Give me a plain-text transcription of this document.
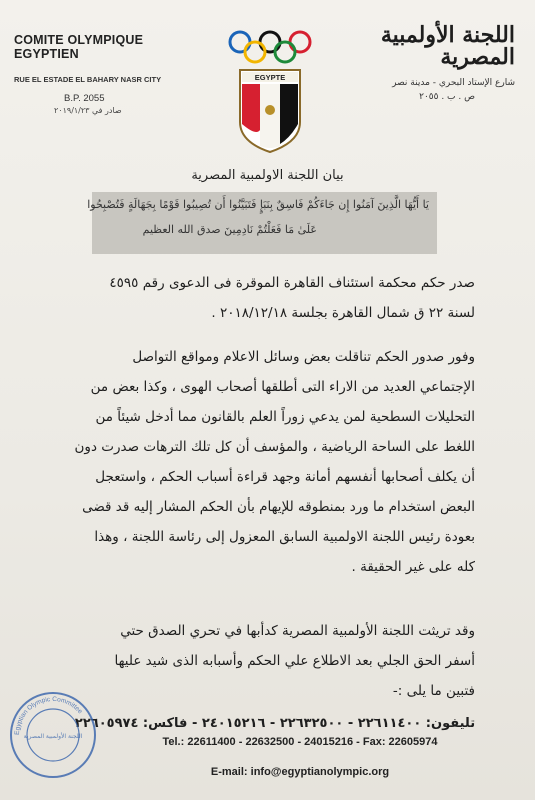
COMITE OLYMPIQUE EGYPTIEN
RUE EL ESTADE EL BAHARY NASR CITY
B.P. 2055
صادر في ٢٠١٩/١/٢٣
EGYPTE
اللجنة الأولمبية المصرية
شارع الإستاد البحري - مدينة نصر
ص . ب . ٢٠٥٥
بيان اللجنة الاولمبية المصرية
يَا أَيُّهَا الَّذِينَ آمَنُوا إِن جَاءَكُمْ فَاسِقٌ بِنَبَإٍ فَتَبَيَّنُوا أَن تُصِيبُوا قَوْمًا بِجَهَالَةٍ فَتُصْبِحُوا
عَلَىٰ مَا فَعَلْتُمْ نَادِمِينَ صدق الله العظيم
صدر حكم محكمة استئناف القاهرة الموقرة فى الدعوى رقم ٤٥٩٥
لسنة ٢٢ ق شمال القاهرة بجلسة ٢٠١٨/١٢/١٨ .
وفور صدور الحكم تناقلت بعض وسائل الاعلام ومواقع التواصل
الإجتماعي العديد من الاراء التى أطلقها أصحاب الهوى ، وكذا بعض من
التحليلات السطحية لمن يدعي زوراً العلم بالقانون مما أدخل شيئاً من
اللغط على الساحة الرياضية ، والمؤسف أن كل تلك الترهات صدرت دون
أن يكلف أصحابها أنفسهم أمانة وجهد قراءة أسباب الحكم ، واستعجل
البعض استخدام ما ورد بمنطوقه للإيهام بأن الحكم المشار إليه قد قضى
بعودة رئيس اللجنة الاولمبية السابق المعزول إلى رئاسة اللجنة ، وهذا
كله على غير الحقيقة .
وقد تريثت اللجنة الأولمبية المصرية كدأبها في تحري الصدق حتي
أسفر الحق الجلي بعد الاطلاع علي الحكم وأسبابه الذى شيد عليها
فتبين ما يلى :-
تليفون: ٢٢٦١١٤٠٠ - ٢٢٦٣٢٥٠٠ - ٢٤٠١٥٢١٦ - فاكس: ٢٢٦٠٥٩٧٤
Tel.: 22611400 - 22632500 - 24015216 - Fax: 22605974
E-mail: info@egyptianolympic.org
Egyptian Olympic Committee
اللجنة الأولمبية المصرية
